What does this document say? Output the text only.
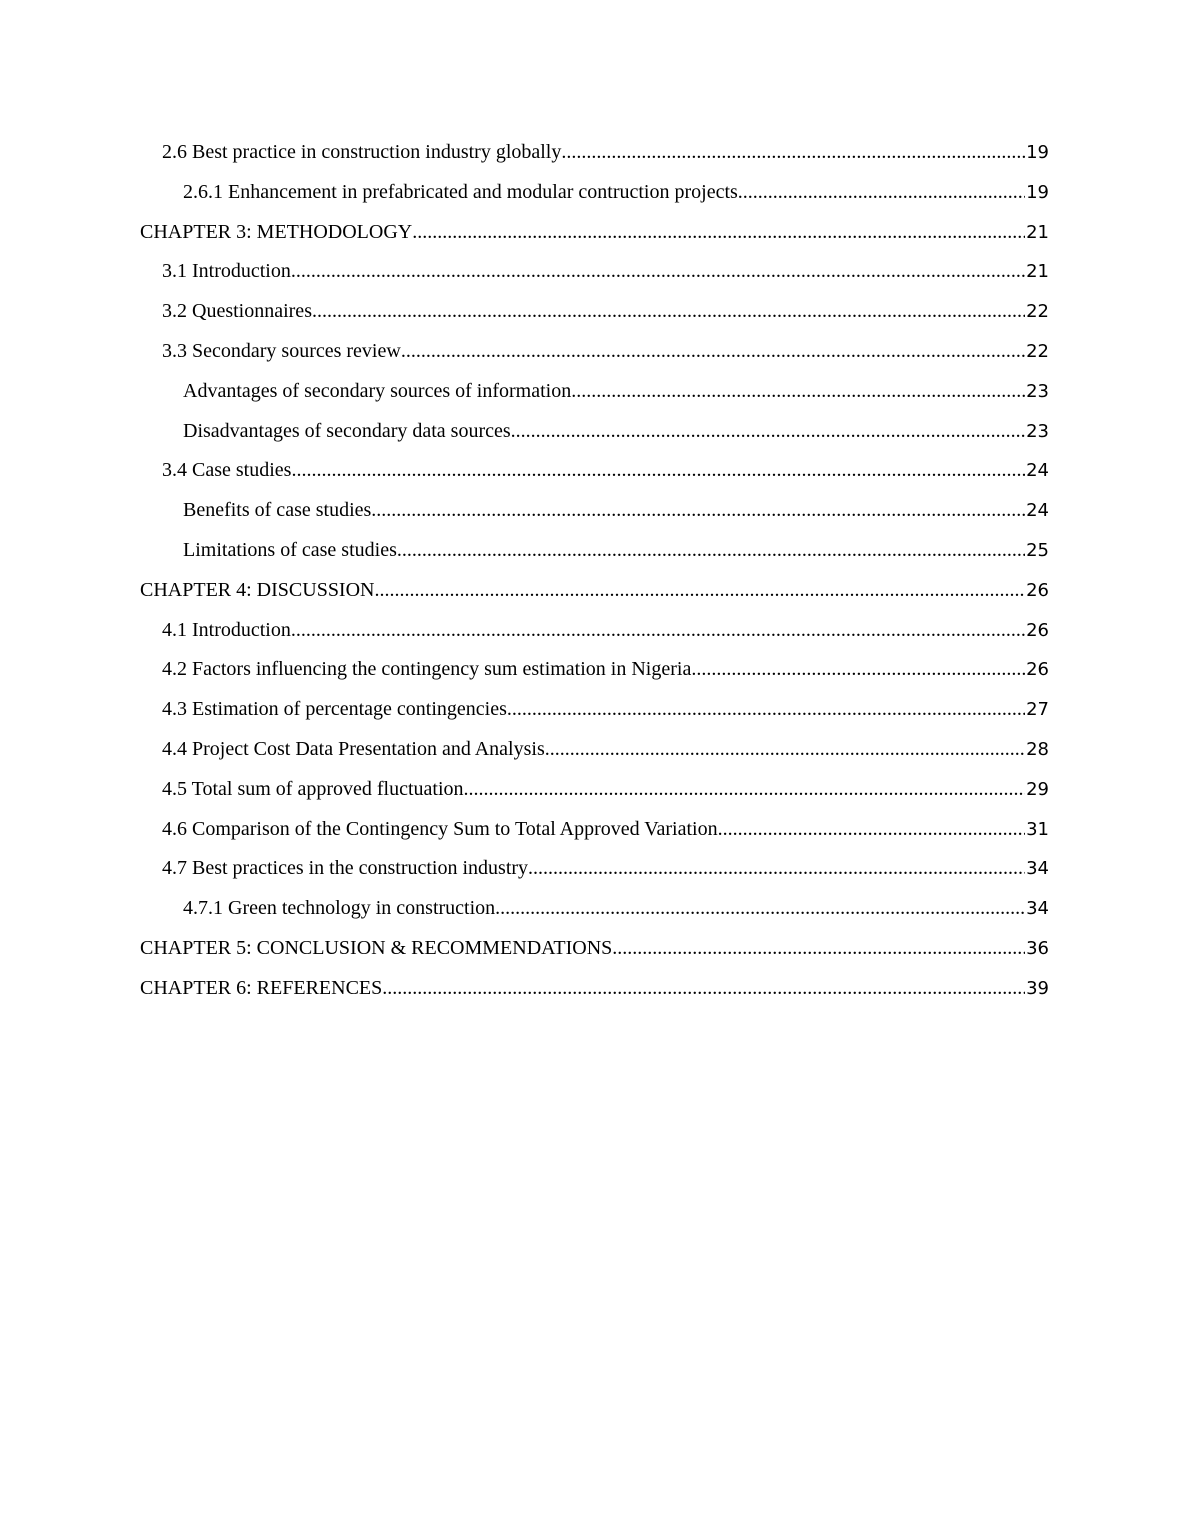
2.6 Best practice in construction industry globally .....	19
2.6.1 Enhancement in prefabricated and modular contruction projects .....	19
CHAPTER 3: METHODOLOGY .....	21
3.1 Introduction .....	21
3.2 Questionnaires .....	22
3.3 Secondary sources review .....	22
Advantages of secondary sources of information .....	23
Disadvantages of secondary data sources .....	23
3.4 Case studies .....	24
Benefits of case studies .....	24
Limitations of case studies .....	25
CHAPTER 4: DISCUSSION .....	26
4.1 Introduction .....	26
4.2 Factors influencing the contingency sum estimation in Nigeria .....	26
4.3 Estimation of percentage contingencies .....	27
4.4 Project Cost Data Presentation and Analysis .....	28
4.5 Total sum of approved fluctuation .....	29
4.6 Comparison of the Contingency Sum to Total Approved Variation .....	31
4.7 Best practices in the construction industry .....	34
4.7.1 Green technology in construction .....	34
CHAPTER 5: CONCLUSION & RECOMMENDATIONS .....	36
CHAPTER 6: REFERENCES .....	39
